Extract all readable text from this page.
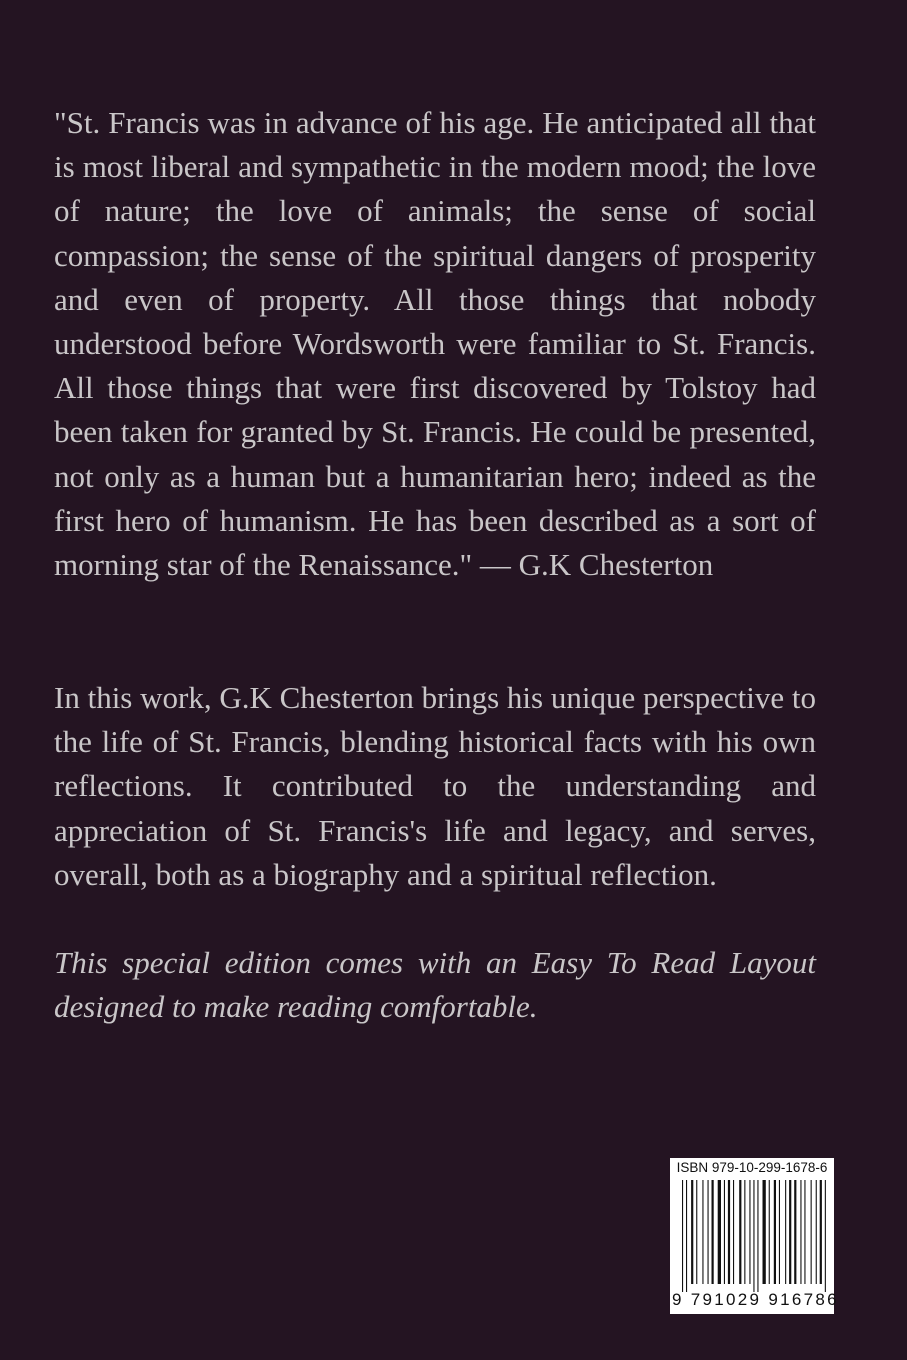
"St. Francis was in advance of his age. He anticipated all that is most liberal and sympathetic in the modern mood; the love of nature; the love of animals; the sense of social compassion; the sense of the spiritual dangers of prosperity and even of property. All those things that nobody understood before Wordsworth were familiar to St. Francis. All those things that were first discovered by Tolstoy had been taken for granted by St. Francis. He could be presented, not only as a human but a humanitarian hero; indeed as the first hero of humanism. He has been described as a sort of morning star of the Renaissance." — G.K Chesterton

In this work, G.K Chesterton brings his unique perspective to the life of St. Francis, blending historical facts with his own reflections. It contributed to the understanding and appreciation of St. Francis's life and legacy, and serves, overall, both as a biography and a spiritual reflection.

This special edition comes with an Easy To Read Layout designed to make reading comfortable.

ISBN 979-10-299-1678-6
9 791029 916786
